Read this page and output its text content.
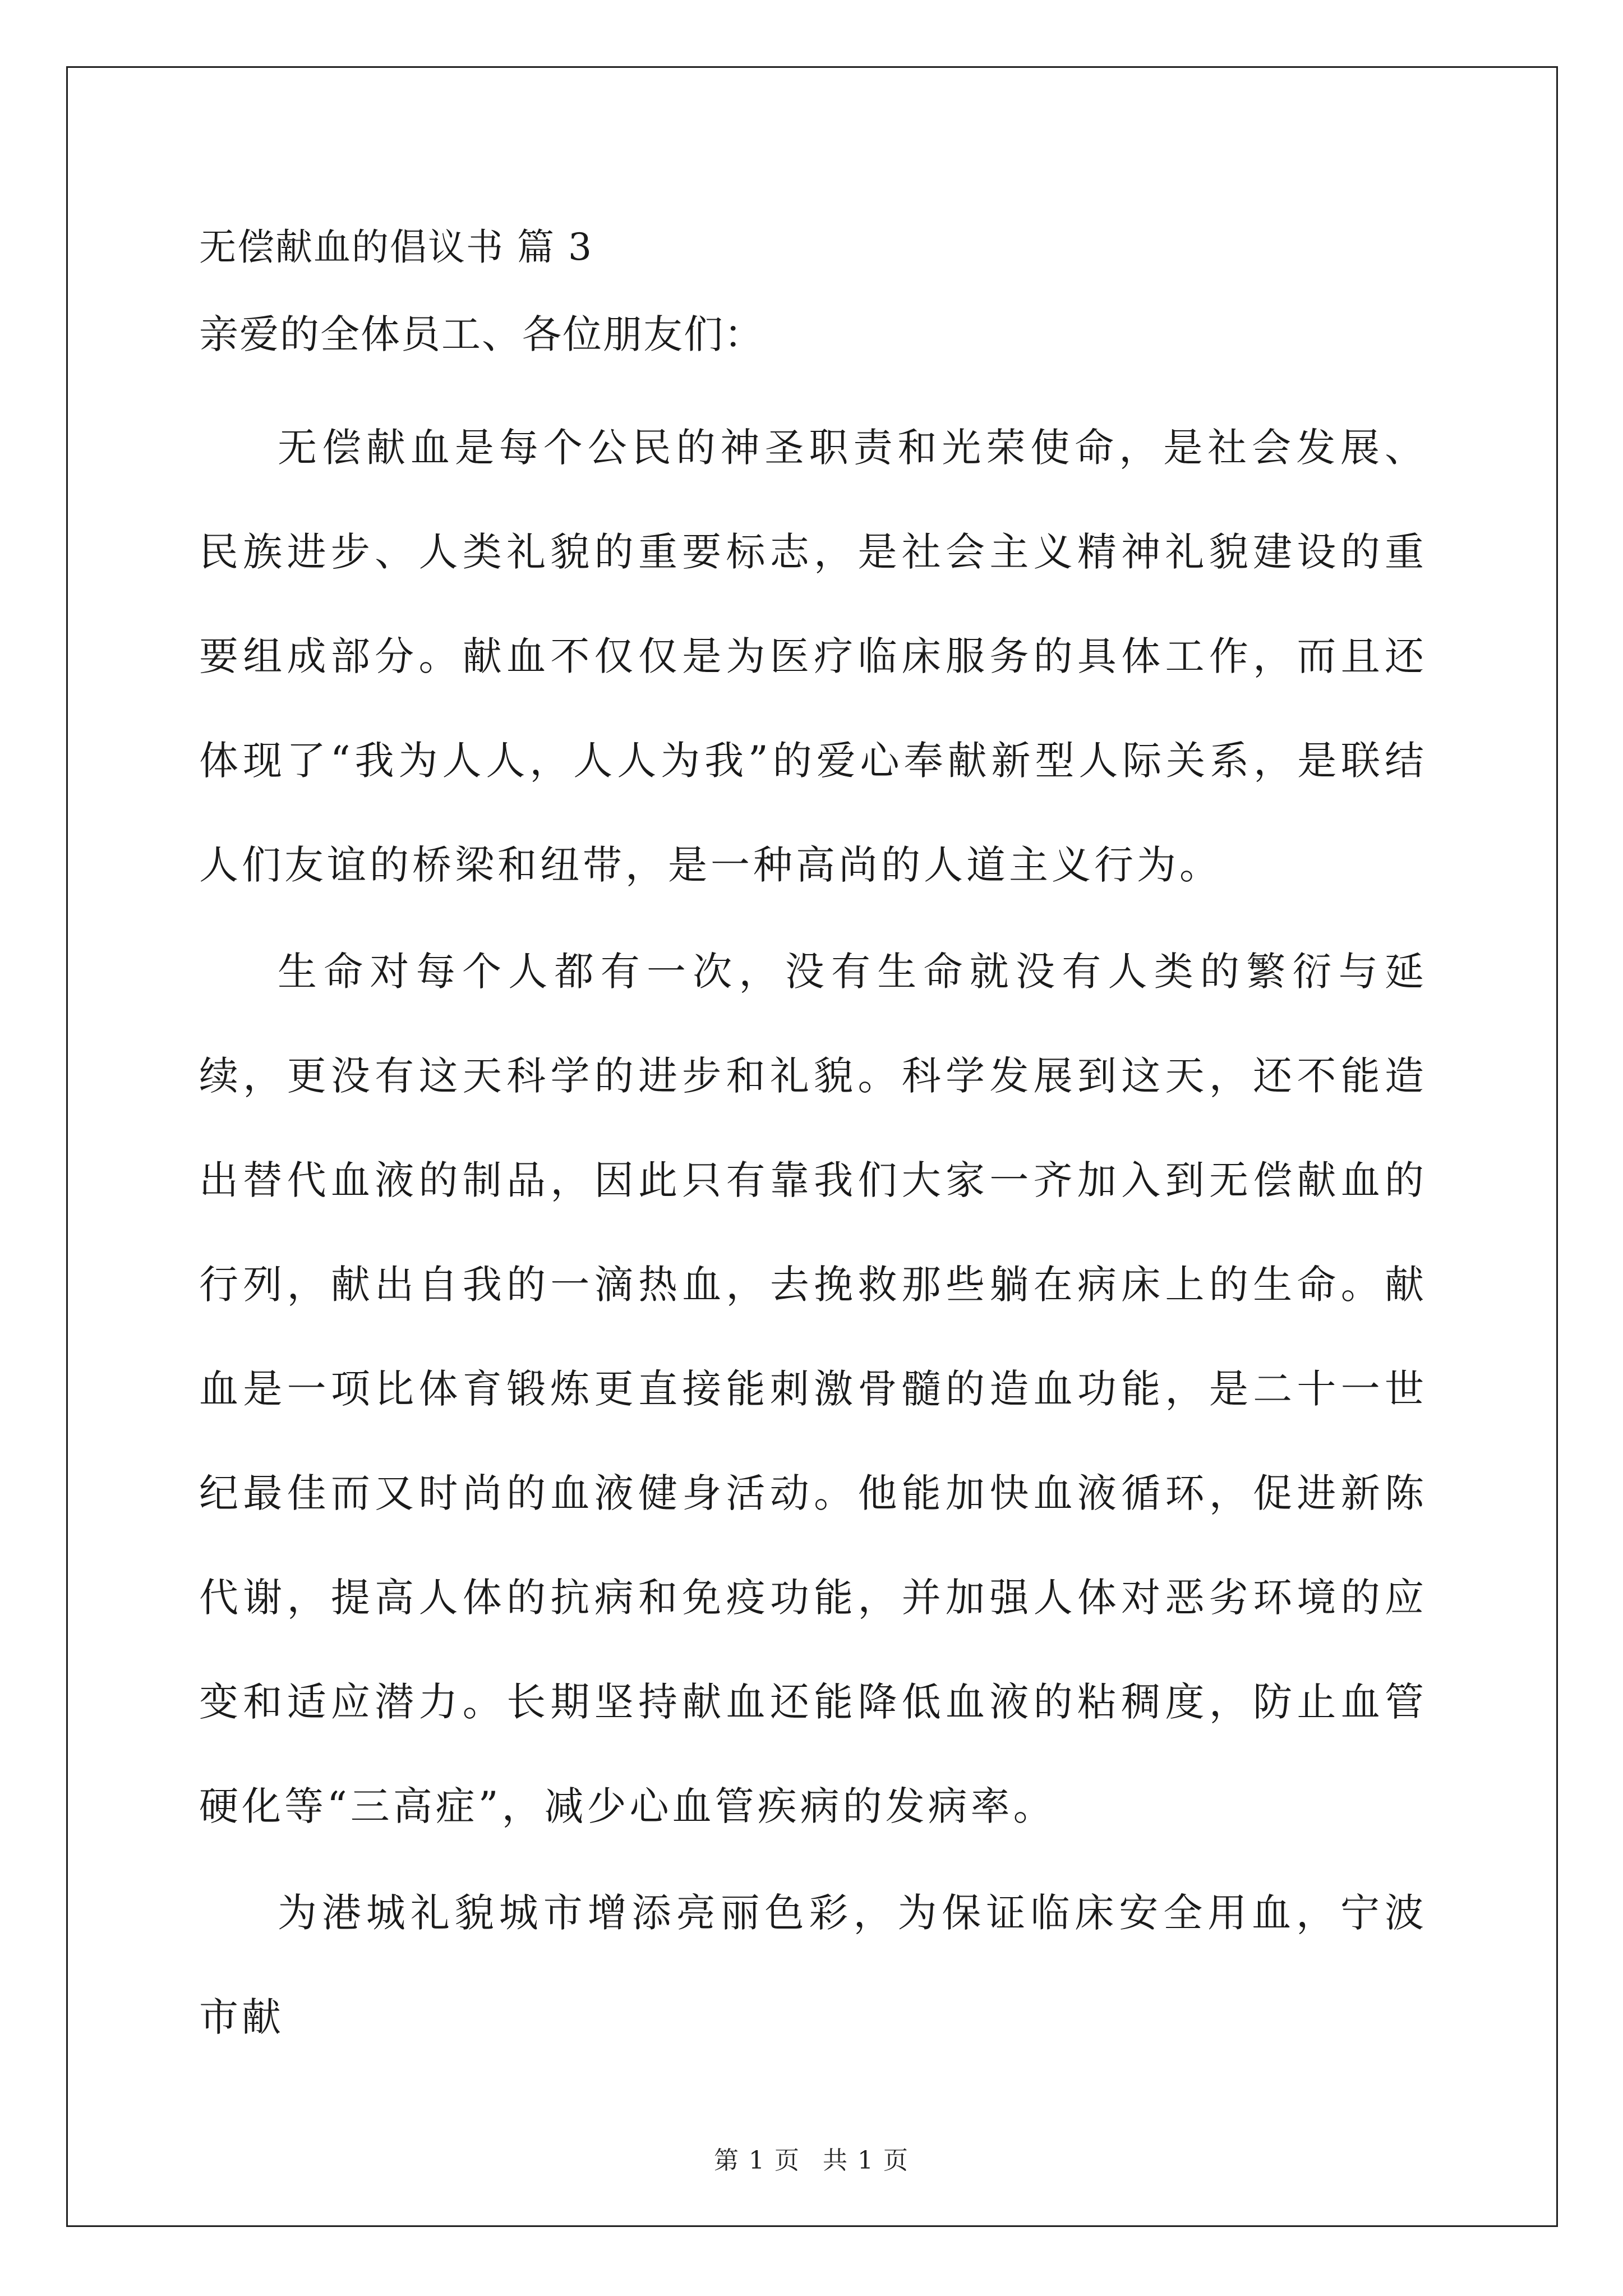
无偿献血的倡议书 篇 3

亲爱的全体员工、各位朋友们：

无偿献血是每个公民的神圣职责和光荣使命，是社会发展、民族进步、人类礼貌的重要标志，是社会主义精神礼貌建设的重要组成部分。献血不仅仅是为医疗临床服务的具体工作，而且还体现了“我为人人，人人为我”的爱心奉献新型人际关系，是联结人们友谊的桥梁和纽带，是一种高尚的人道主义行为。

生命对每个人都有一次，没有生命就没有人类的繁衍与延续，更没有这天科学的进步和礼貌。科学发展到这天，还不能造出替代血液的制品，因此只有靠我们大家一齐加入到无偿献血的行列，献出自我的一滴热血，去挽救那些躺在病床上的生命。献血是一项比体育锻炼更直接能刺激骨髓的造血功能，是二十一世纪最佳而又时尚的血液健身活动。他能加快血液循环，促进新陈代谢，提高人体的抗病和免疫功能，并加强人体对恶劣环境的应变和适应潜力。长期坚持献血还能降低血液的粘稠度，防止血管硬化等“三高症”，减少心血管疾病的发病率。

为港城礼貌城市增添亮丽色彩，为保证临床安全用血，宁波市献

第 1 页 共 1 页
